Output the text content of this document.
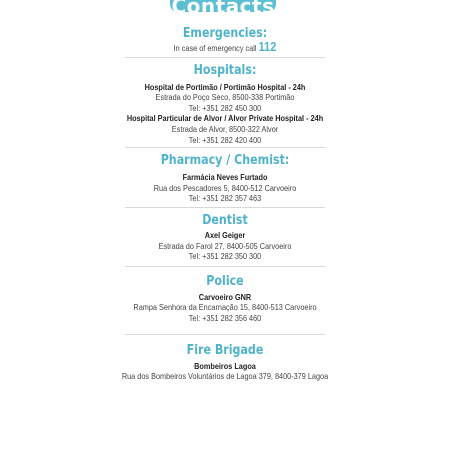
Contacts

Emergencies:

In case of emergency call 112

Hospitals:

Hospital de Portimão / Portimão Hospital - 24h

Estrada do Poço Seco, 8500-338 Portimão

Tel: +351 282 450 300

Hospital Particular de Alvor / Alvor Private Hospital - 24h

Estrada de Alvor, 8500-322 Alvor

Tel: +351 282 420 400

Pharmacy / Chemist:

Farmácia Neves Furtado

Rua dos Pescadores 5, 8400-512 Carvoeiro

Tel: +351 282 357 463

Dentist

Axel Geiger

Estrada do Farol 27, 8400-505 Carvoeiro

Tel: +351 282 350 300

Police

Carvoeiro GNR

Rampa Senhora da Encarnação 15, 8400-513 Carvoeiro

Tel: +351 282 356 460

Fire Brigade

Bombeiros Lagoa

Rua dos Bombeiros Voluntários de Lagoa 379, 8400-379 Lagoa
